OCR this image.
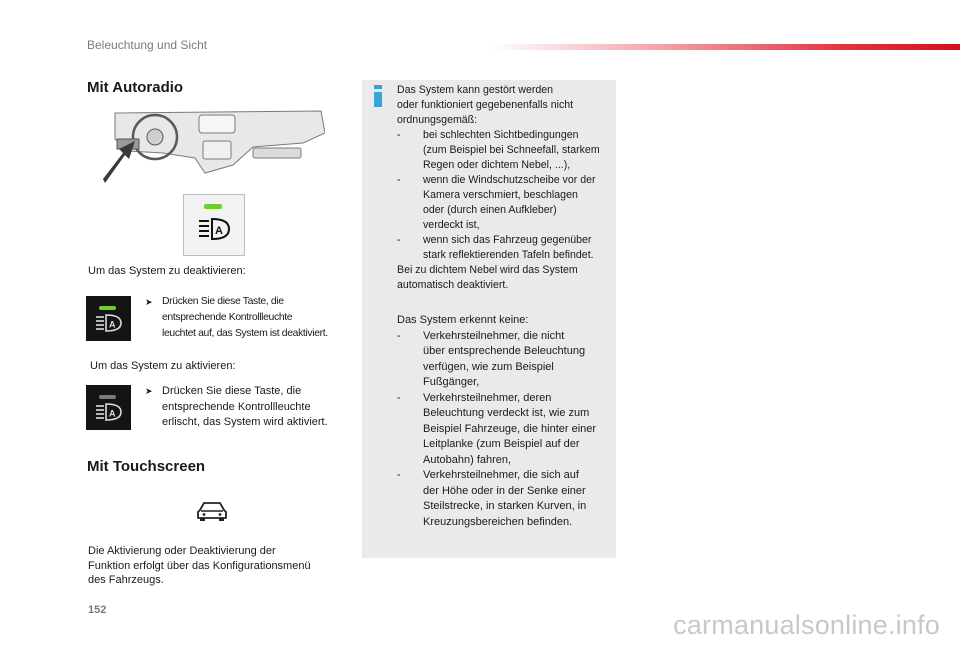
Beleuchtung und Sicht
Mit Autoradio
A
Um das System zu deaktivieren:
A
➤ Drücken Sie diese Taste, die
entsprechende Kontrollleuchte
leuchtet auf, das System ist deaktiviert.
Um das System zu aktivieren:
A
➤ Drücken Sie diese Taste, die
entsprechende Kontrollleuchte
erlischt, das System wird aktiviert.
Mit Touchscreen
Die Aktivierung oder Deaktivierung der
Funktion erfolgt über das Konfigurationsmenü
des Fahrzeugs.
Das System kann gestört werden
oder funktioniert gegebenenfalls nicht
ordnungsgemäß:
- bei schlechten Sichtbedingungen
(zum Beispiel bei Schneefall, starkem
Regen oder dichtem Nebel, ...),
- wenn die Windschutzscheibe vor der
Kamera verschmiert, beschlagen
oder (durch einen Aufkleber)
verdeckt ist,
- wenn sich das Fahrzeug gegenüber
stark reflektierenden Tafeln befindet.
Bei zu dichtem Nebel wird das System
automatisch deaktiviert.
Das System erkennt keine:
- Verkehrsteilnehmer, die nicht
über entsprechende Beleuchtung
verfügen, wie zum Beispiel
Fußgänger,
- Verkehrsteilnehmer, deren
Beleuchtung verdeckt ist, wie zum
Beispiel Fahrzeuge, die hinter einer
Leitplanke (zum Beispiel auf der
Autobahn) fahren,
- Verkehrsteilnehmer, die sich auf
der Höhe oder in der Senke einer
Steilstrecke, in starken Kurven, in
Kreuzungsbereichen befinden.
152	carmanualsonline.info
